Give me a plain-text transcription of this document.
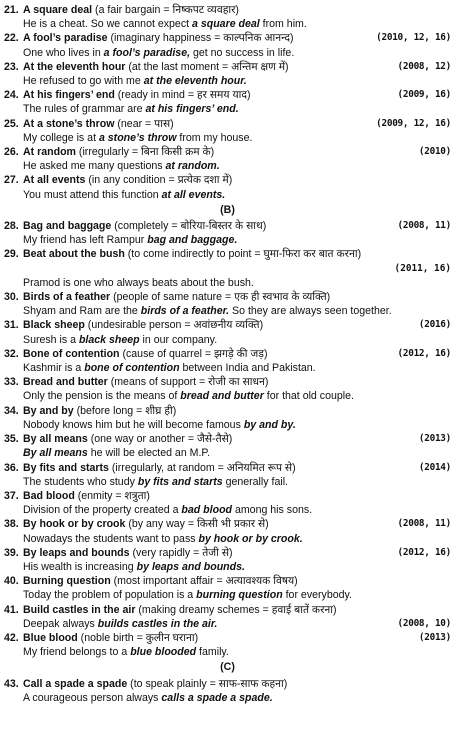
21. A square deal (a fair bargain = निष्कपट व्यवहार)
He is a cheat. So we cannot expect a square deal from him.
22.	(2010, 12, 16)
A fool’s paradise (imaginary happiness = काल्पनिक आनन्द)
One who lives in a fool’s paradise, get no success in life.
23.	(2008, 12)
At the eleventh hour (at the last moment = अन्तिम क्षण में)
He refused to go with me at the eleventh hour.
24.	(2009, 16)
At his fingers’ end (ready in mind = हर समय याद)
The rules of grammar are at his fingers’ end.
25.	(2009, 12, 16)
At a stone’s throw (near = पास)
My college is at a stone’s throw from my house.
26.	(2010)
At random (irregularly = बिना किसी क्रम के)
He asked me many questions at random.
27. At all events (in any condition = प्रत्येक दशा में)
You must attend this function at all events.
(B)
28.	(2008, 11)
Bag and baggage (completely = बोरिया-बिस्तर के साथ)
My friend has left Rampur bag and baggage.
29. Beat about the bush (to come indirectly to point = घुमा-फिरा कर बात करना)
(2011, 16)
Pramod is one who always beats about the bush.
30. Birds of a feather (people of same nature = एक ही स्वभाव के व्यक्ति)
Shyam and Ram are the birds of a feather. So they are always seen together.
31.	(2016)
Black sheep (undesirable person = अवांछनीय व्यक्ति)
Suresh is a black sheep in our company.
32.	(2012, 16)
Bone of contention (cause of quarrel = झगड़े की जड़)
Kashmir is a bone of contention between India and Pakistan.
33. Bread and butter (means of support = रोजी का साधन)
Only the pension is the means of bread and butter for that old couple.
34. By and by (before long = शीघ्र ही)
Nobody knows him but he will become famous by and by.
35.	(2013)
By all means (one way or another = जैसे-तैसे)
By all means he will be elected an M.P.
36.	(2014)
By fits and starts (irregularly, at random = अनियमित रूप से)
The students who study by fits and starts generally fail.
37. Bad blood (enmity = शत्रुता)
Division of the property created a bad blood among his sons.
38.	(2008, 11)
By hook or by crook (by any way = किसी भी प्रकार से)
Nowadays the students want to pass by hook or by crook.
39.	(2012, 16)
By leaps and bounds (very rapidly = तेजी से)
His wealth is increasing by leaps and bounds.
40. Burning question (most important affair = अत्यावश्यक विषय)
Today the problem of population is a burning question for everybody.
41. Build castles in the air (making dreamy schemes = हवाई बातें करना)
(2008, 10)
Deepak always builds castles in the air.
42.	(2013)
Blue blood (noble birth = कुलीन घराना)
My friend belongs to a blue blooded family.
(C)
43. Call a spade a spade (to speak plainly = साफ-साफ कहना)
A courageous person always calls a spade a spade.
